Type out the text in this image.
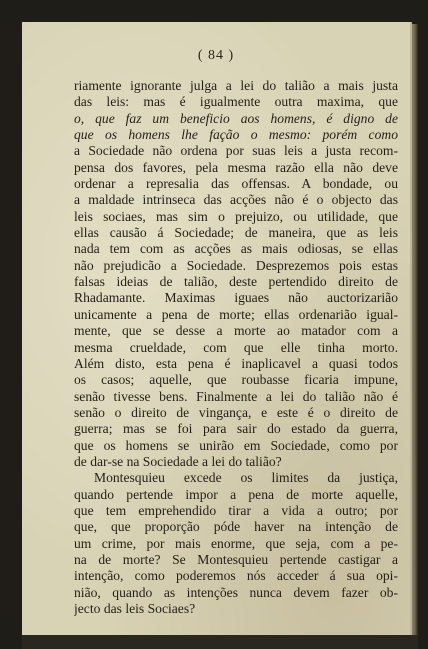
( 84 )
riamente ignorante julga a lei do talião a mais justa
das leis: mas é igualmente outra maxima, que
o, que faz um beneficio aos homens, é digno de
que os homens lhe fação o mesmo: porém como
a Sociedade não ordena por suas leis a justa recom-
pensa dos favores, pela mesma razão ella não deve
ordenar a represalia das offensas. A bondade, ou
a maldade intrinseca das acções não é o objecto das
leis sociaes, mas sim o prejuizo, ou utilidade, que
ellas causão á Sociedade; de maneira, que as leis
nada tem com as acções as mais odiosas, se ellas
não prejudicão a Sociedade. Desprezemos pois estas
falsas ideias de talião, deste pertendido direito de
Rhadamante. Maximas iguaes não auctorizarião
unicamente a pena de morte; ellas ordenarião igual-
mente, que se desse a morte ao matador com a
mesma crueldade, com que elle tinha morto.
Além disto, esta pena é inaplicavel a quasi todos
os casos; aquelle, que roubasse ficaria impune,
senão tivesse bens. Finalmente a lei do talião não é
senão o direito de vingança, e este é o direito de
guerra; mas se foi para sair do estado da guerra,
que os homens se unirão em Sociedade, como por
de dar-se na Sociedade a lei do talião?
Montesquieu excede os limites da justiça,
quando pertende impor a pena de morte aquelle,
que tem emprehendido tirar a vida a outro; por
que, que proporção póde haver na intenção de
um crime, por mais enorme, que seja, com a pe-
na de morte? Se Montesquieu pertende castigar a
intenção, como poderemos nós acceder á sua opi-
nião, quando as intenções nunca devem fazer ob-
jecto das leis Sociaes?
